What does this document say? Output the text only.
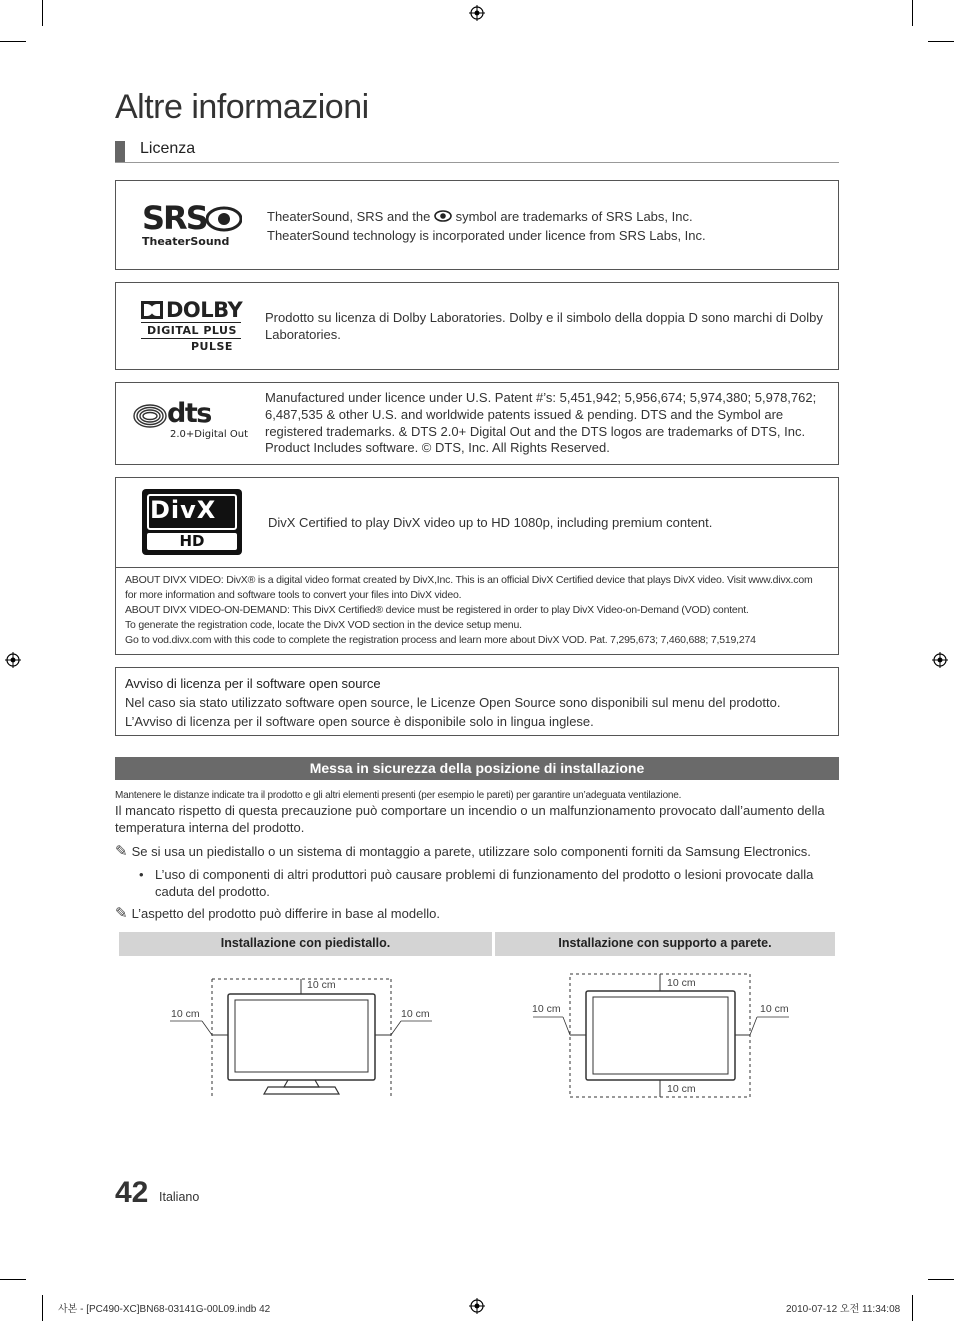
Altre informazioni
Licenza
SRS
TheaterSound
TheaterSound, SRS and the symbol are trademarks of SRS Labs, Inc.
TheaterSound technology is incorporated under licence from SRS Labs, Inc.
DOLBY
DIGITAL PLUS
PULSE
Prodotto su licenza di Dolby Laboratories. Dolby e il simbolo della doppia D sono marchi di Dolby Laboratories.
dts
2.0+Digital Out
Manufactured under licence under U.S. Patent #’s: 5,451,942; 5,956,674; 5,974,380; 5,978,762; 6,487,535 & other U.S. and worldwide patents issued & pending. DTS and the Symbol are registered trademarks. & DTS 2.0+ Digital Out and the DTS logos are trademarks of DTS, Inc. Product Includes software. © DTS, Inc. All Rights Reserved.
DivX
HD
DivX Certified to play DivX video up to HD 1080p, including premium content.
ABOUT DIVX VIDEO: DivX® is a digital video format created by DivX,Inc. This is an official DivX Certified device that plays DivX video. Visit www.divx.com for more information and software tools to convert your files into DivX video.
ABOUT DIVX VIDEO-ON-DEMAND: This DivX Certified® device must be registered in order to play DivX Video-on-Demand (VOD) content.
To generate the registration code, locate the DivX VOD section in the device setup menu.
Go to vod.divx.com with this code to complete the registration process and learn more about DivX VOD. Pat. 7,295,673; 7,460,688; 7,519,274
Avviso di licenza per il software open source
Nel caso sia stato utilizzato software open source, le Licenze Open Source sono disponibili sul menu del prodotto.
L’Avviso di licenza per il software open source è disponibile solo in lingua inglese.
Messa in sicurezza della posizione di installazione
Mantenere le distanze indicate tra il prodotto e gli altri elementi presenti (per esempio le pareti) per garantire un’adeguata ventilazione.
Il mancato rispetto di questa precauzione può comportare un incendio o un malfunzionamento provocato dall’aumento della temperatura interna del prodotto.
✎ Se si usa un piedistallo o un sistema di montaggio a parete, utilizzare solo componenti forniti da Samsung Electronics.
• L’uso di componenti di altri produttori può causare problemi di funzionamento del prodotto o lesioni provocate dalla caduta del prodotto.
✎ L’aspetto del prodotto può differire in base al modello.
Installazione con piedistallo.	Installazione con supporto a parete.
10 cm
10 cm	10 cm
10 cm
10 cm
10 cm	10 cm
42 Italiano
사본 - [PC490-XC]BN68-03141G-00L09.indb 42	2010-07-12 오전 11:34:08
